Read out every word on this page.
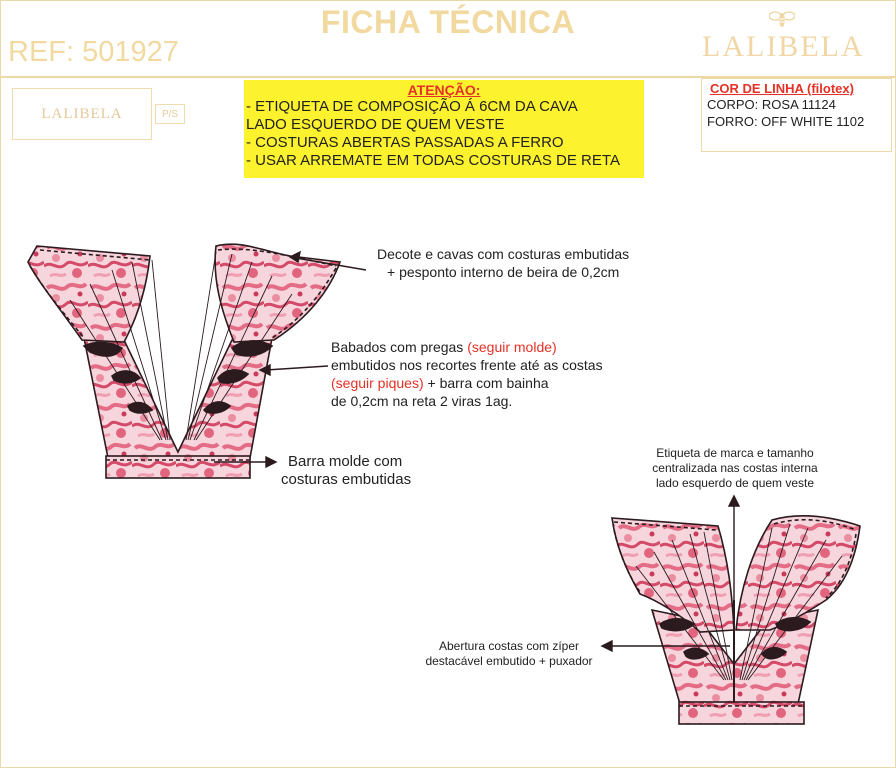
FICHA TÉCNICA
REF: 501927	LALIBELA
LALIBELA	P/S
ATENÇÃO:
- ETIQUETA DE COMPOSIÇÃO Á 6CM DA CAVA
LADO ESQUERDO DE QUEM VESTE
- COSTURAS ABERTAS PASSADAS A FERRO
- USAR ARREMATE EM TODAS COSTURAS DE RETA
COR DE LINHA (filotex)
CORPO: ROSA 11124
FORRO: OFF WHITE 1102
Decote e cavas com costuras embutidas
+ pesponto interno de beira de 0,2cm
Babados com pregas (seguir molde)
embutidos nos recortes frente até as costas
(seguir piques) + barra com bainha
de 0,2cm na reta 2 viras 1ag.
Barra molde com
costuras embutidas
Etiqueta de marca e tamanho
centralizada nas costas interna
lado esquerdo de quem veste
Abertura costas com zíper
destacável embutido + puxador
